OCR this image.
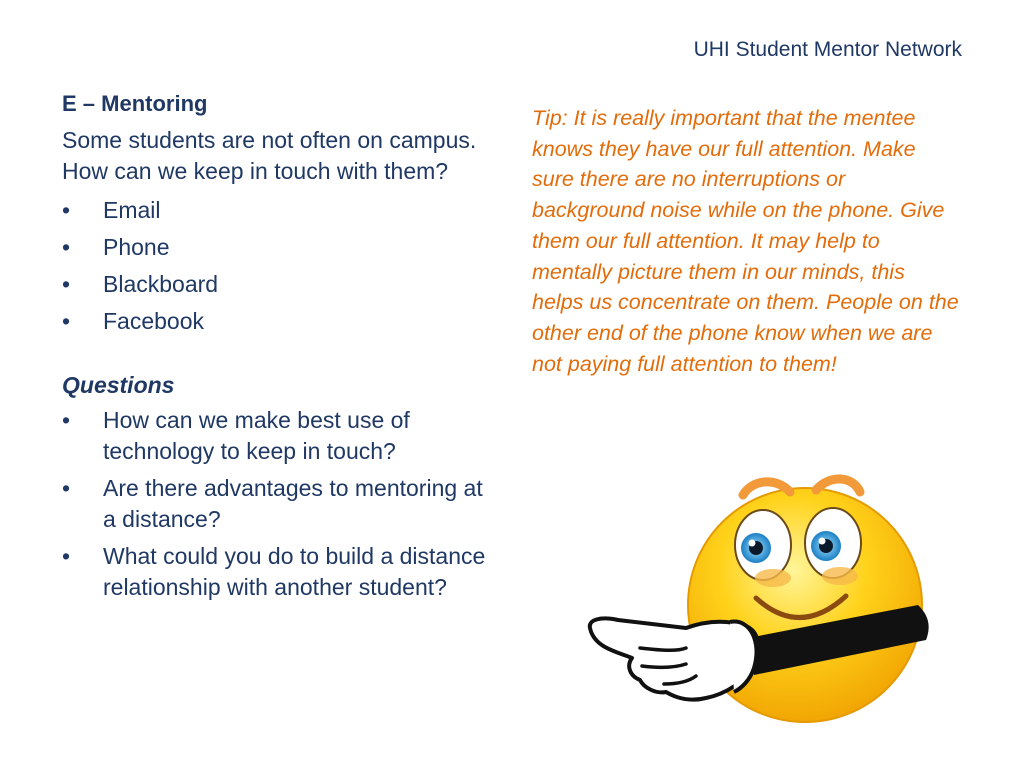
UHI Student Mentor Network
E – Mentoring
Some students are not often on campus. How can we keep in touch with them?
•	Email
•	Phone
•	Blackboard
•	Facebook
Questions
•	How can we make best use of technology to keep in touch?
•	Are there advantages to mentoring at a distance?
•	What could you do to build a distance relationship with another student?
Tip: It is really important that the mentee knows they have our full attention. Make sure there are no interruptions or background noise while on the phone. Give them our full attention. It may help to mentally picture them in our minds, this helps us concentrate on them. People on the other end of the phone know when we are not paying full attention to them!
